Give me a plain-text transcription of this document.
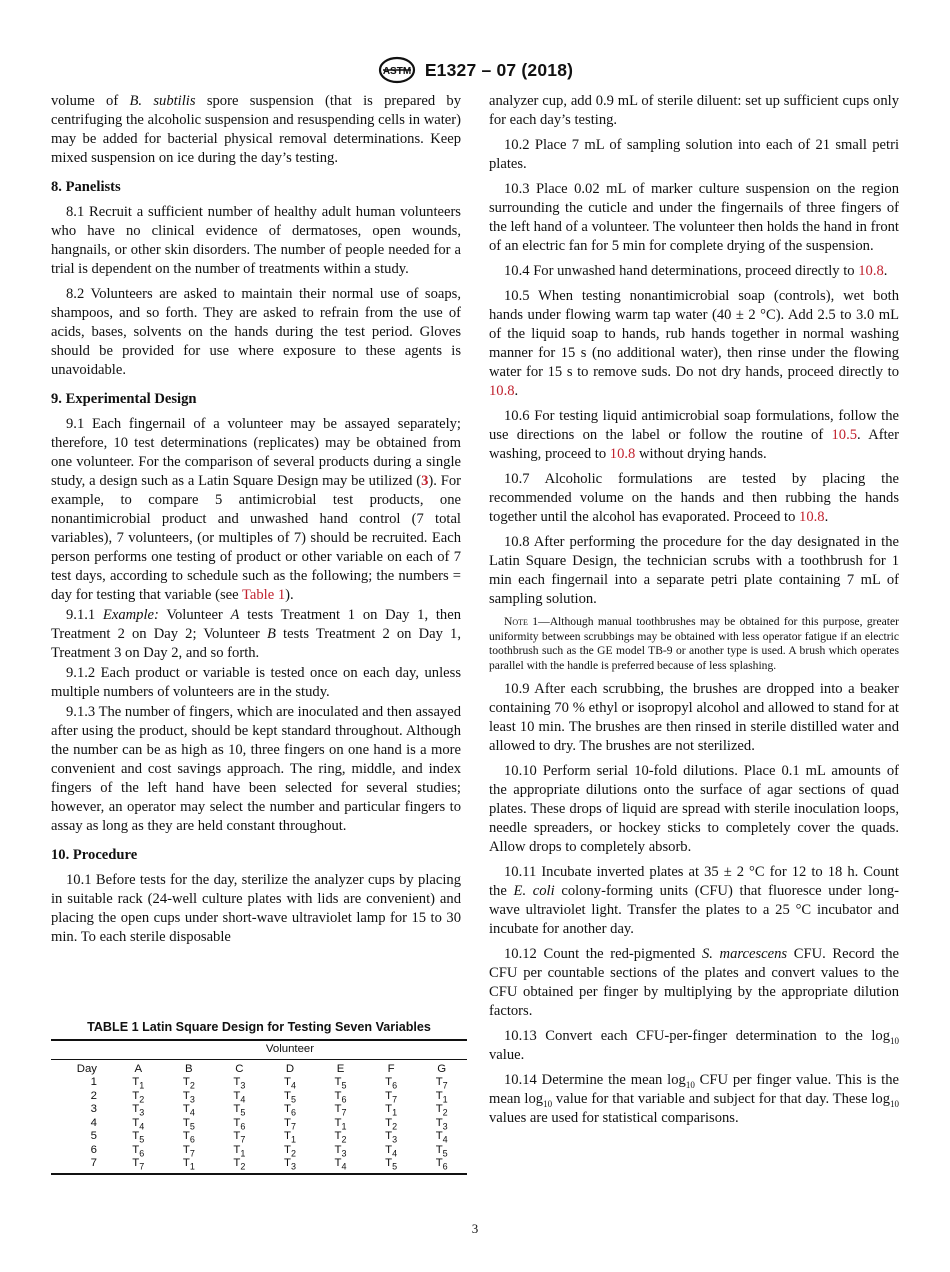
ASTM E1327 – 07 (2018)

volume of B. subtilis spore suspension (that is prepared by centrifuging the alcoholic suspension and resuspending cells in water) may be added for bacterial physical removal determinations. Keep mixed suspension on ice during the day’s testing.

8. Panelists

8.1 Recruit a sufficient number of healthy adult human volunteers who have no clinical evidence of dermatoses, open wounds, hangnails, or other skin disorders. The number of people needed for a trial is dependent on the number of treatments within a study.

8.2 Volunteers are asked to maintain their normal use of soaps, shampoos, and so forth. They are asked to refrain from the use of acids, bases, solvents on the hands during the test period. Gloves should be provided for use where exposure to these agents is unavoidable.

9. Experimental Design

9.1 Each fingernail of a volunteer may be assayed separately; therefore, 10 test determinations (replicates) may be obtained from one volunteer. For the comparison of several products during a single study, a design such as a Latin Square Design may be utilized (3). For example, to compare 5 antimicrobial test products, one nonantimicrobial product and unwashed hand control (7 total variables), 7 volunteers, (or multiples of 7) should be recruited. Each person performs one testing of product or other variable on each of 7 test days, according to schedule such as the following; the numbers = day for testing that variable (see Table 1).

9.1.1 Example: Volunteer A tests Treatment 1 on Day 1, then Treatment 2 on Day 2; Volunteer B tests Treatment 2 on Day 1, Treatment 3 on Day 2, and so forth.

9.1.2 Each product or variable is tested once on each day, unless multiple numbers of volunteers are in the study.

9.1.3 The number of fingers, which are inoculated and then assayed after using the product, should be kept standard throughout. Although the number can be as high as 10, three fingers on one hand is a more convenient and cost savings approach. The ring, middle, and index fingers of the left hand have been selected for several studies; however, an operator may select the number and particular fingers to assay as long as they are held constant throughout.

10. Procedure

10.1 Before tests for the day, sterilize the analyzer cups by placing in suitable rack (24-well culture plates with lids are convenient) and placing the open cups under short-wave ultraviolet lamp for 15 to 30 min. To each sterile disposable

TABLE 1 Latin Square Design for Testing Seven Variables
	Volunteer						
Day	A	B	C	D	E	F	G
1	$T_1$	$T_2$	$T_3$	$T_4$	$T_5$	$T_6$	$T_7$
2	$T_2$	$T_3$	$T_4$	$T_5$	$T_6$	$T_7$	$T_1$
3	$T_3$	$T_4$	$T_5$	$T_6$	$T_7$	$T_1$	$T_2$
4	$T_4$	$T_5$	$T_6$	$T_7$	$T_1$	$T_2$	$T_3$
5	$T_5$	$T_6$	$T_7$	$T_1$	$T_2$	$T_3$	$T_4$
6	$T_6$	$T_7$	$T_1$	$T_2$	$T_3$	$T_4$	$T_5$
7	$T_7$	$T_1$	$T_2$	$T_3$	$T_4$	$T_5$	$T_6$

analyzer cup, add 0.9 mL of sterile diluent: set up sufficient cups only for each day’s testing.

10.2 Place 7 mL of sampling solution into each of 21 small petri plates.

10.3 Place 0.02 mL of marker culture suspension on the region surrounding the cuticle and under the fingernails of three fingers of the left hand of a volunteer. The volunteer then holds the hand in front of an electric fan for 5 min for complete drying of the suspension.

10.4 For unwashed hand determinations, proceed directly to 10.8.

10.5 When testing nonantimicrobial soap (controls), wet both hands under flowing warm tap water (40 ± 2 °C). Add 2.5 to 3.0 mL of the liquid soap to hands, rub hands together in normal washing manner for 15 s (no additional water), then rinse under the flowing water for 15 s to remove suds. Do not dry hands, proceed directly to 10.8.

10.6 For testing liquid antimicrobial soap formulations, follow the use directions on the label or follow the routine of 10.5. After washing, proceed to 10.8 without drying hands.

10.7 Alcoholic formulations are tested by placing the recommended volume on the hands and then rubbing the hands together until the alcohol has evaporated. Proceed to 10.8.

10.8 After performing the procedure for the day designated in the Latin Square Design, the technician scrubs with a toothbrush for 1 min each fingernail into a separate petri plate containing 7 mL of sampling solution.

Note 1—Although manual toothbrushes may be obtained for this purpose, greater uniformity between scrubbings may be obtained with less operator fatigue if an electric toothbrush such as the GE model TB-9 or another type is used. A brush which operates parallel with the handle is preferred because of less splashing.

10.9 After each scrubbing, the brushes are dropped into a beaker containing 70 % ethyl or isopropyl alcohol and allowed to stand for at least 10 min. The brushes are then rinsed in sterile distilled water and allowed to dry. The brushes are not sterilized.

10.10 Perform serial 10-fold dilutions. Place 0.1 mL amounts of the appropriate dilutions onto the surface of agar sections of quad plates. These drops of liquid are spread with sterile inoculation loops, needle spreaders, or hockey sticks to completely cover the quads. Allow drops to completely absorb.

10.11 Incubate inverted plates at 35 ± 2 °C for 12 to 18 h. Count the E. coli colony-forming units (CFU) that fluoresce under long-wave ultraviolet light. Transfer the plates to a 25 °C incubator and incubate for another day.

10.12 Count the red-pigmented S. marcescens CFU. Record the CFU per countable sections of the plates and convert values to the CFU obtained per finger by multiplying by the appropriate dilution factors.

10.13 Convert each CFU-per-finger determination to the $\log_{10}$ value.

10.14 Determine the mean $\log_{10}$ CFU per finger value. This is the mean $\log_{10}$ value for that variable and subject for that day. These $\log_{10}$ values are used for statistical comparisons.

3
